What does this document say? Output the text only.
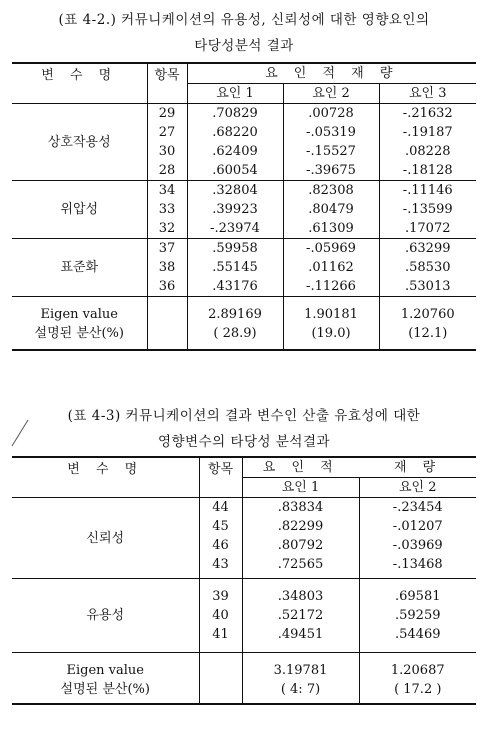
(표 4-2.) 커뮤니케이션의 유용성, 신뢰성에 대한 영향요인의
타당성분석 결과
변 수 명	항목	요 인 적 재 량		
		요인 1	요인 2	요인 3
상호작용성	29	.70829	.00728	-.21632
	27	.68220	-.05319	-.19187
	30	.62409	-.15527	.08228
	28	.60054	-.39675	-.18128
위압성	34	.32804	.82308	-.11146
	33	.39923	.80479	-.13599
	32	-.23974	.61309	.17072
표준화	37	.59958	-.05969	.63299
	38	.55145	.01162	.58530
	36	.43176	-.11266	.53013
Eigen value		2.89169	1.90181	1.20760
설명된 분산(%)		( 28.9)	(19.0)	(12.1)
(표 4-3) 커뮤니케이션의 결과 변수인 산출 유효성에 대한
영향변수의 타당성 분석결과
변 수 명	항목	요 인 적	재 량
		요인 1	요인 2
신뢰성	44	.83834	-.23454
	45	.82299	-.01207
	46	.80792	-.03969
	43	.72565	-.13468
유용성	39	.34803	.69581
	40	.52172	.59259
	41	.49451	.54469
Eigen value		3.19781	1.20687
설명된 분산(%)		( 4: 7)	( 17.2 )
